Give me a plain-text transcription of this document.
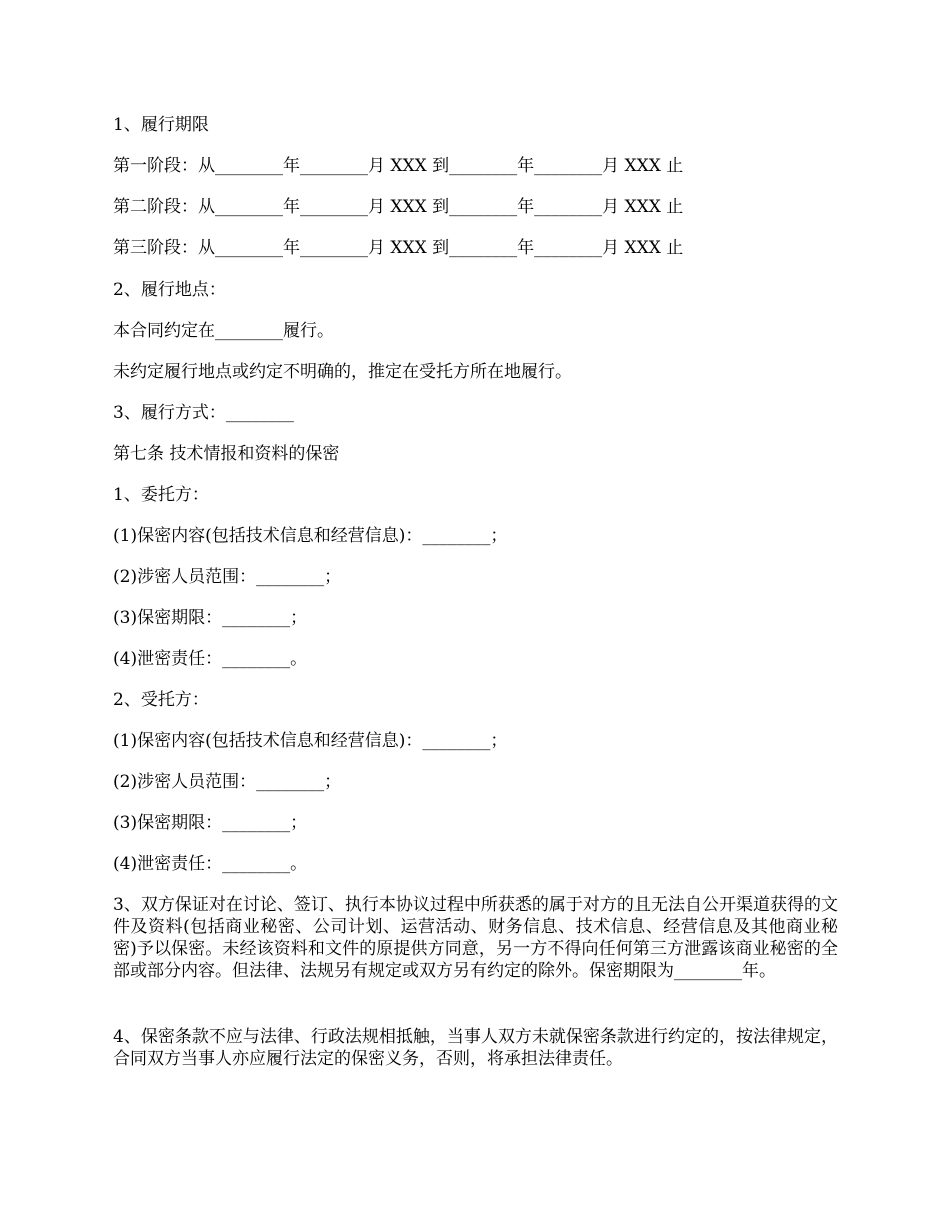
1、履行期限
第一阶段：从________年________月 XXX 到________年________月 XXX 止
第二阶段：从________年________月 XXX 到________年________月 XXX 止
第三阶段：从________年________月 XXX 到________年________月 XXX 止
2、履行地点：
本合同约定在________履行。
未约定履行地点或约定不明确的，推定在受托方所在地履行。
3、履行方式：________
第七条 技术情报和资料的保密
1、委托方：
(1)保密内容(包括技术信息和经营信息)：________；
(2)涉密人员范围：________；
(3)保密期限：________；
(4)泄密责任：________。
2、受托方：
(1)保密内容(包括技术信息和经营信息)：________；
(2)涉密人员范围：________；
(3)保密期限：________；
(4)泄密责任：________。
3、双方保证对在讨论、签订、执行本协议过程中所获悉的属于对方的且无法自公开渠道获得的文件及资料(包括商业秘密、公司计划、运营活动、财务信息、技术信息、经营信息及其他商业秘密)予以保密。未经该资料和文件的原提供方同意，另一方不得向任何第三方泄露该商业秘密的全部或部分内容。但法律、法规另有规定或双方另有约定的除外。保密期限为________年。
4、保密条款不应与法律、行政法规相抵触，当事人双方未就保密条款进行约定的，按法律规定，合同双方当事人亦应履行法定的保密义务，否则，将承担法律责任。
